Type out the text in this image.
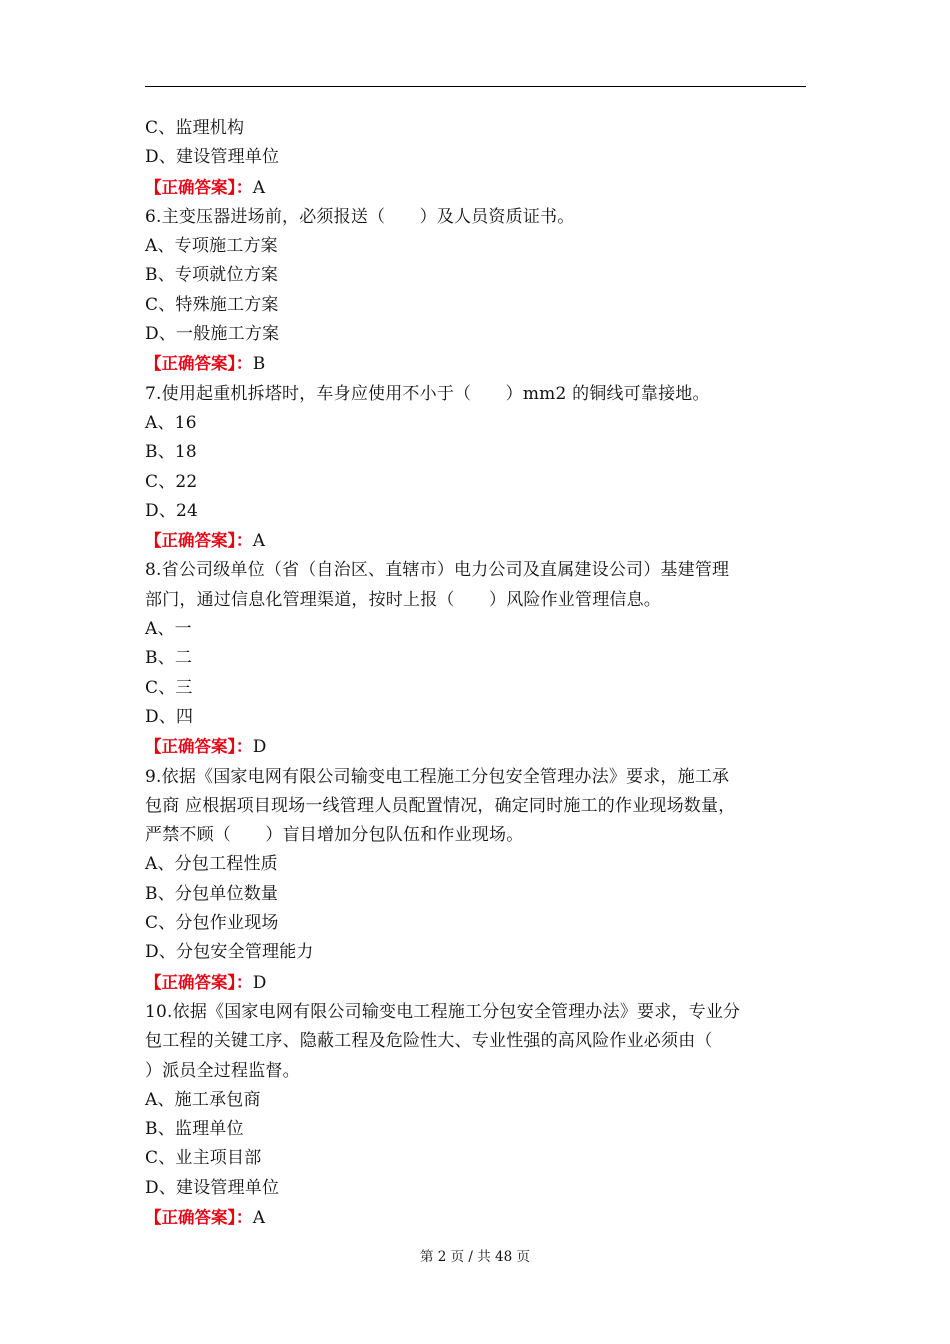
C、监理机构
D、建设管理单位
【正确答案】：A
6.主变压器进场前，必须报送（　　）及人员资质证书。
A、专项施工方案
B、专项就位方案
C、特殊施工方案
D、一般施工方案
【正确答案】：B
7.使用起重机拆塔时，车身应使用不小于（　　）mm2 的铜线可靠接地。
A、16
B、18
C、22
D、24
【正确答案】：A
8.省公司级单位（省（自治区、直辖市）电力公司及直属建设公司）基建管理
部门，通过信息化管理渠道，按时上报（　　）风险作业管理信息。
A、一
B、二
C、三
D、四
【正确答案】：D
9.依据《国家电网有限公司输变电工程施工分包安全管理办法》要求，施工承
包商 应根据项目现场一线管理人员配置情况，确定同时施工的作业现场数量，
严禁不顾（　　）盲目增加分包队伍和作业现场。
A、分包工程性质
B、分包单位数量
C、分包作业现场
D、分包安全管理能力
【正确答案】：D
10.依据《国家电网有限公司输变电工程施工分包安全管理办法》要求，专业分
包工程的关键工序、隐蔽工程及危险性大、专业性强的高风险作业必须由（
）派员全过程监督。
A、施工承包商
B、监理单位
C、业主项目部
D、建设管理单位
【正确答案】：A
第 2 页 / 共 48 页
